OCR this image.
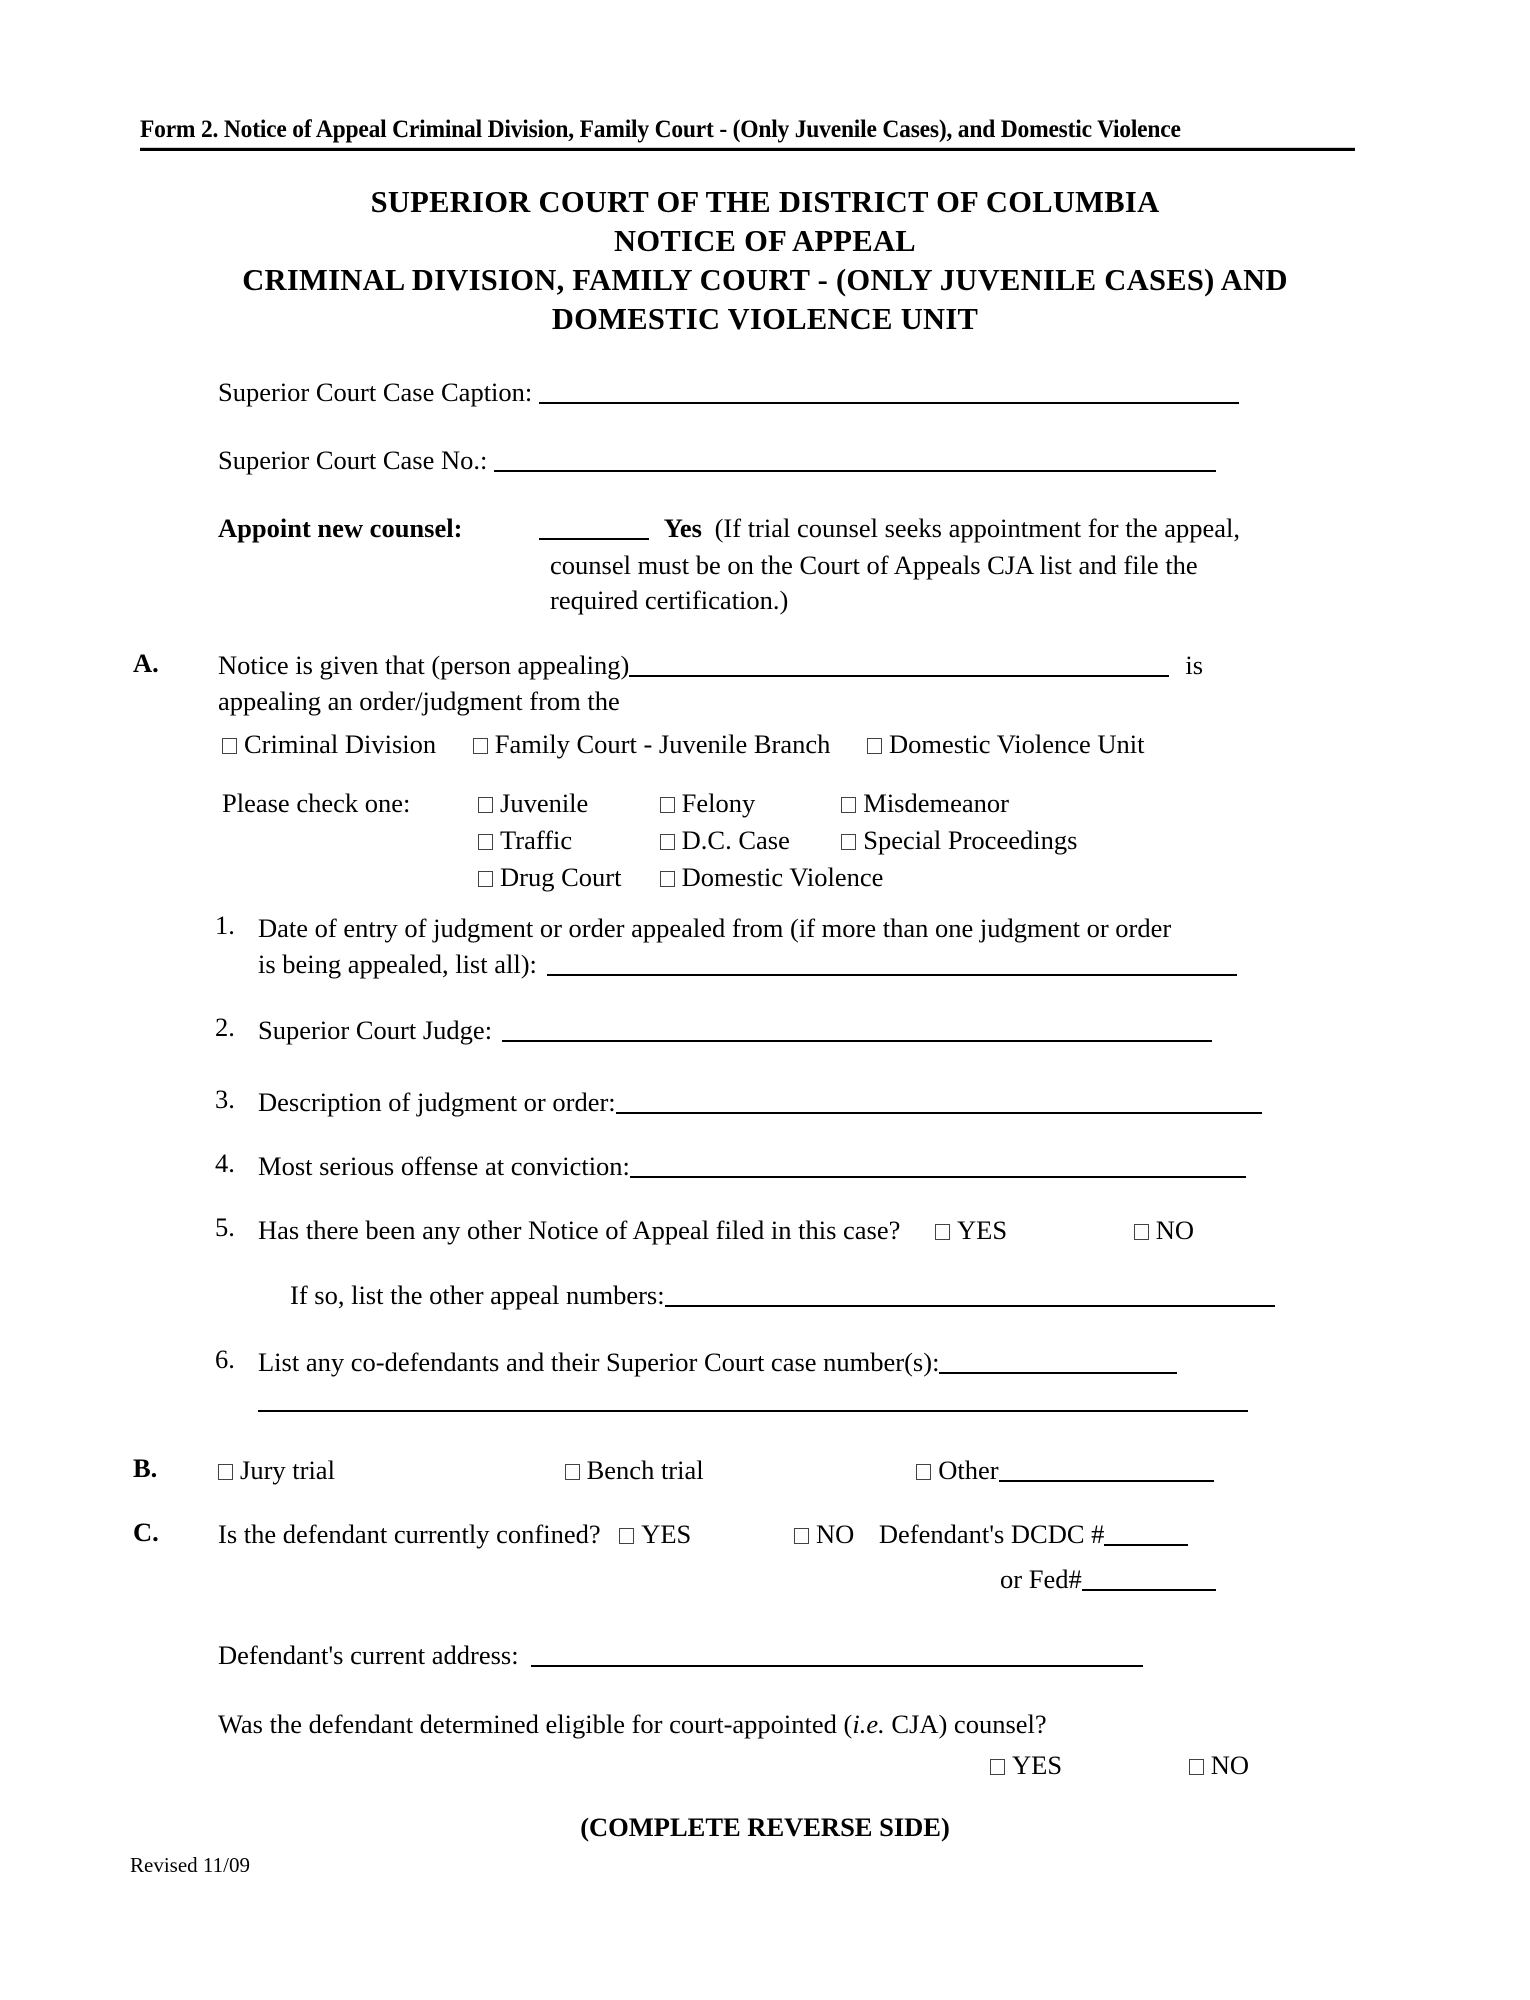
Form 2. Notice of Appeal Criminal Division, Family Court - (Only Juvenile Cases), and Domestic Violence
SUPERIOR COURT OF THE DISTRICT OF COLUMBIA
NOTICE OF APPEAL
CRIMINAL DIVISION, FAMILY COURT - (ONLY JUVENILE CASES) AND
DOMESTIC VIOLENCE UNIT
Superior Court Case Caption:
Superior Court Case No.:
Appoint new counsel:	Yes (If trial counsel seeks appointment for the appeal,
counsel must be on the Court of Appeals CJA list and file the
required certification.)
A. Notice is given that (person appealing)	is
appealing an order/judgment from the
Criminal Division Family Court - Juvenile Branch Domestic Violence Unit
Please check one:	Juvenile	Felony	Misdemeanor
Traffic	D.C. Case	Special Proceedings
Drug Court Domestic Violence
1. Date of entry of judgment or order appealed from (if more than one judgment or order
is being appealed, list all):
2. Superior Court Judge:
3. Description of judgment or order:
4. Most serious offense at conviction:
5. Has there been any other Notice of Appeal filed in this case? YES	NO
If so, list the other appeal numbers:
6. List any co-defendants and their Superior Court case number(s):
B.	Jury trial	Bench trial	Other
C. Is the defendant currently confined? YES	NO Defendant's DCDC #
or Fed#
Defendant's current address:
Was the defendant determined eligible for court-appointed (i.e. CJA) counsel?
YES	NO
(COMPLETE REVERSE SIDE)
Revised 11/09
